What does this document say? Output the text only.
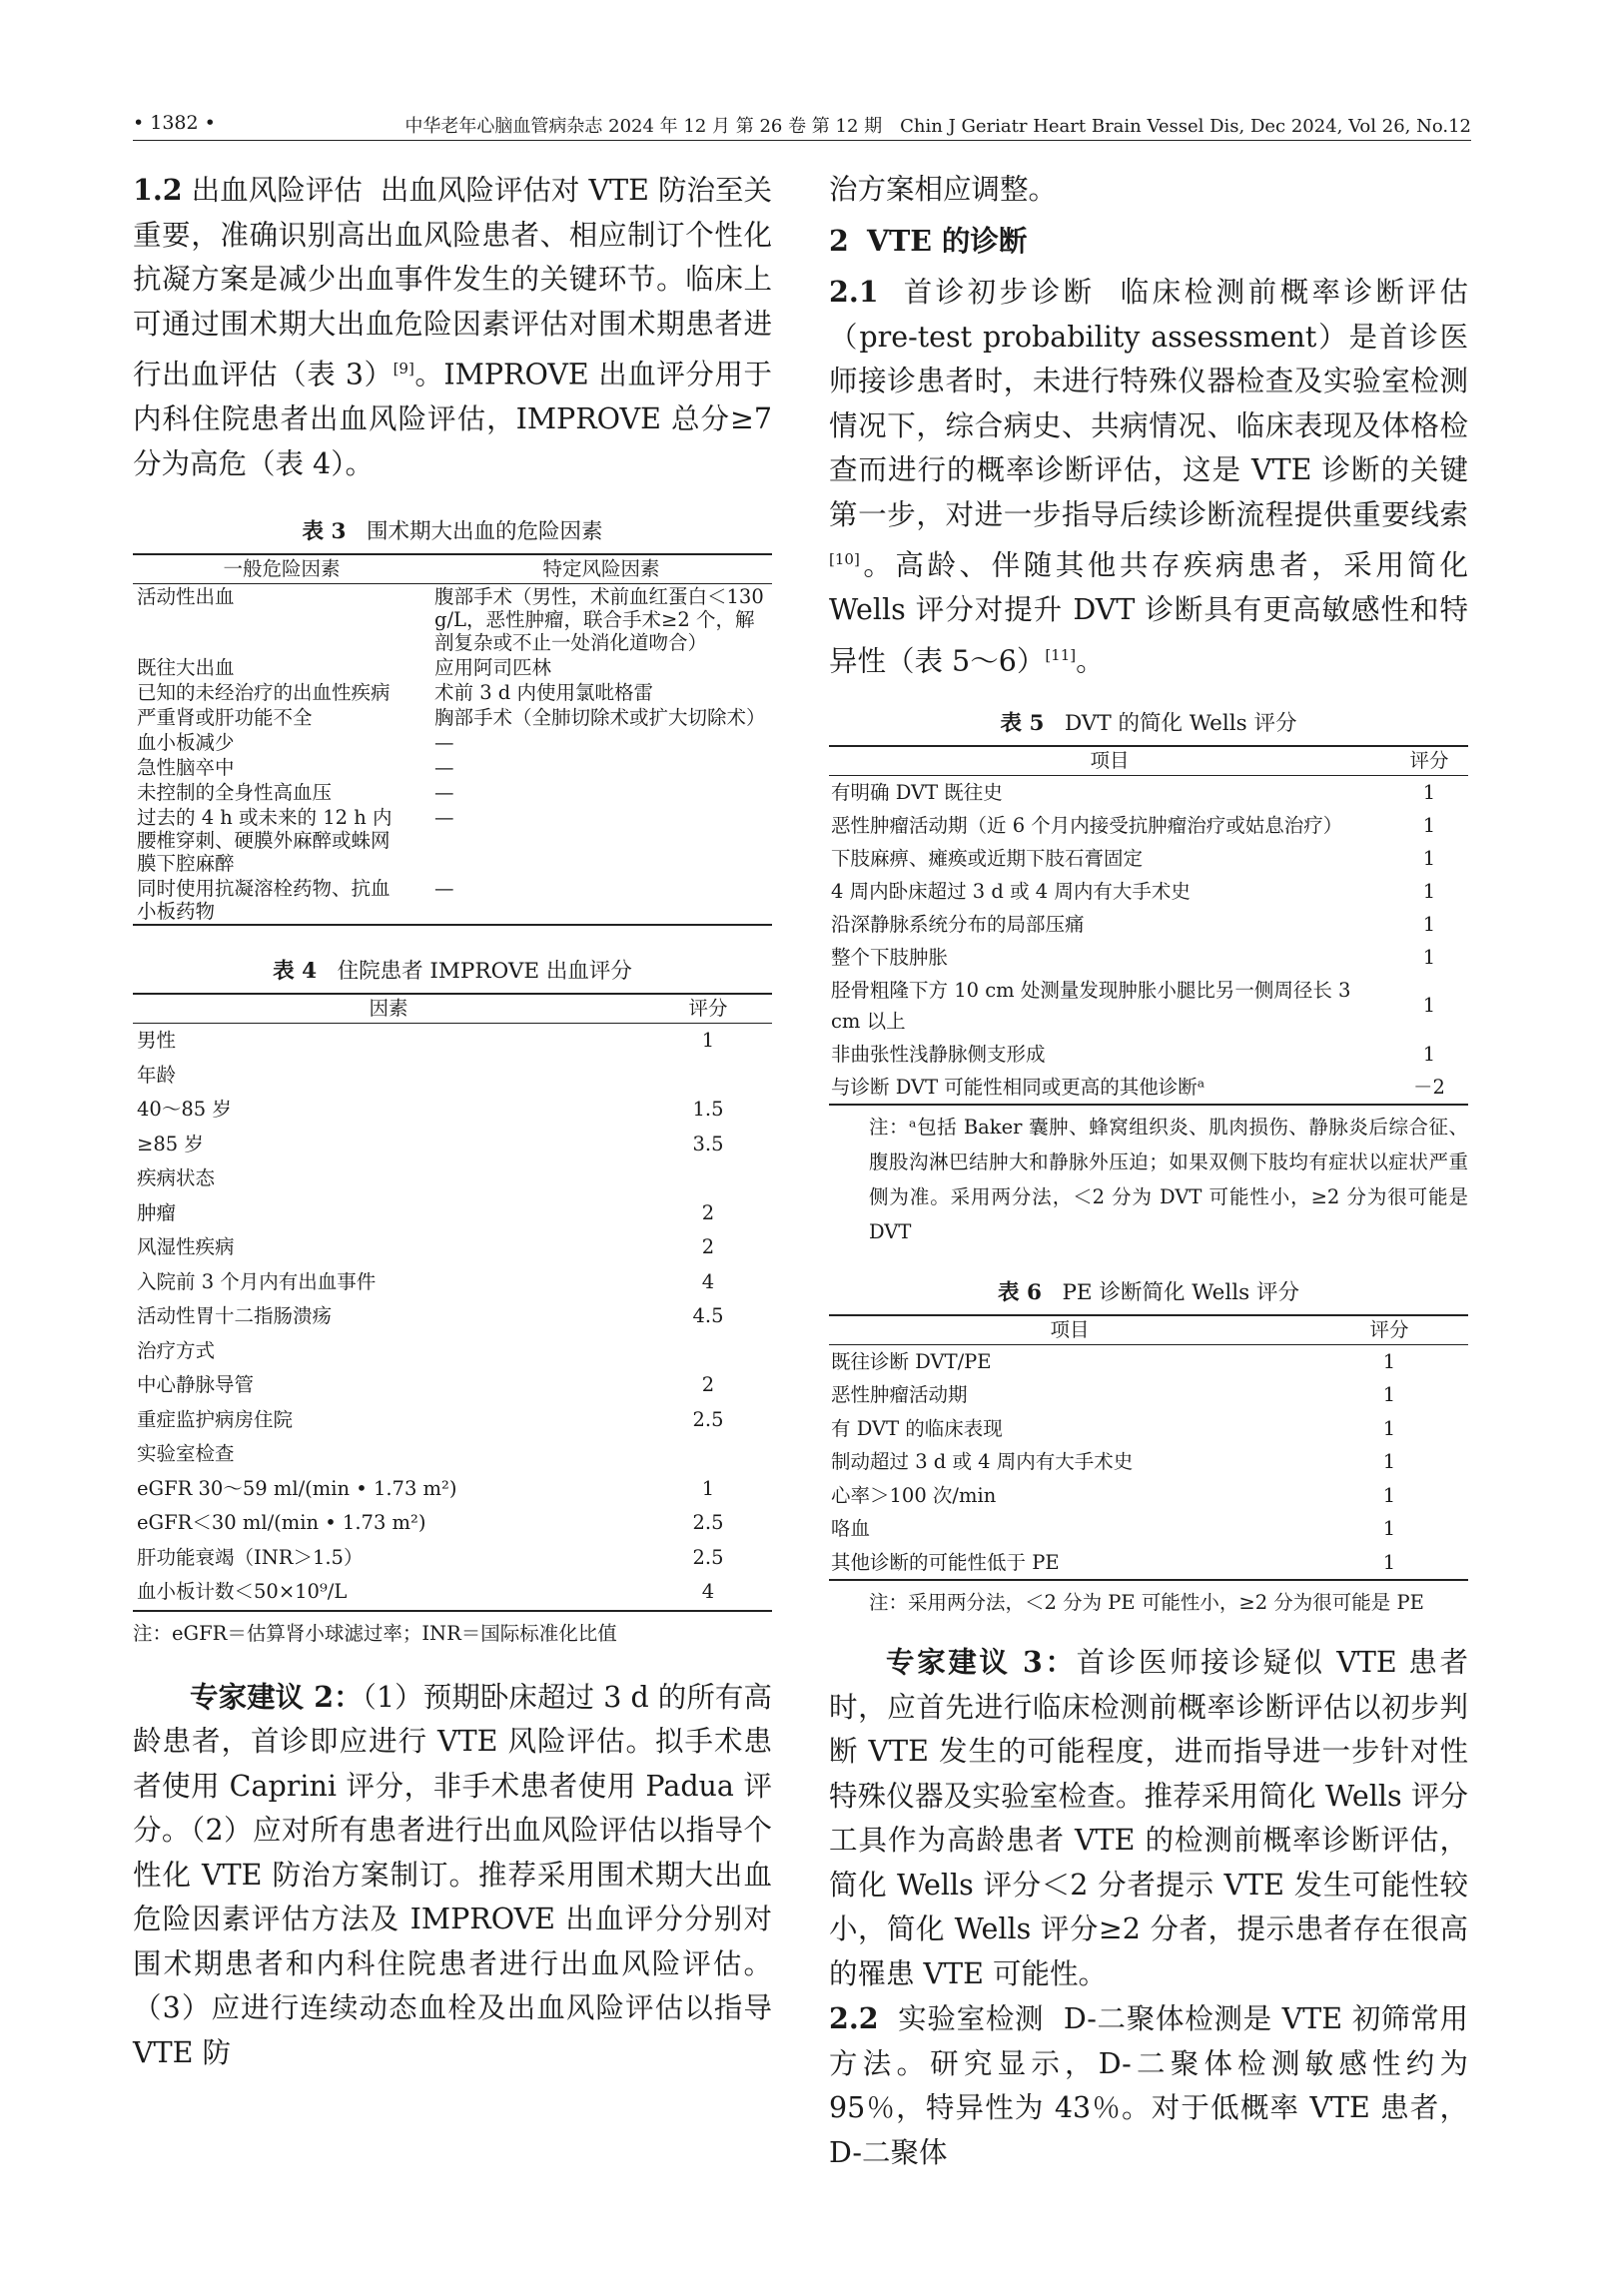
• 1382 •	中华老年心脑血管病杂志 2024 年 12 月 第 26 卷 第 12 期　Chin J Geriatr Heart Brain Vessel Dis, Dec 2024, Vol 26, No.12

1.2 出血风险评估 出血风险评估对 VTE 防治至关重要，准确识别高出血风险患者、相应制订个性化抗凝方案是减少出血事件发生的关键环节。临床上可通过围术期大出血危险因素评估对围术期患者进行出血评估（表 3）[9]。IMPROVE 出血评分用于内科住院患者出血风险评估，IMPROVE 总分≥7 分为高危（表 4）。

表 3 围术期大出血的危险因素

一般危险因素	特定风险因素
活动性出血	腹部手术（男性，术前血红蛋白＜130 g/L，恶性肿瘤，联合手术≥2 个，解剖复杂或不止一处消化道吻合）
既往大出血	应用阿司匹林
已知的未经治疗的出血性疾病	术前 3 d 内使用氯吡格雷
严重肾或肝功能不全	胸部手术（全肺切除术或扩大切除术）
血小板减少	—
急性脑卒中	—
未控制的全身性高血压	—
过去的 4 h 或未来的 12 h 内腰椎穿刺、硬膜外麻醉或蛛网膜下腔麻醉	—
同时使用抗凝溶栓药物、抗血小板药物	—

表 4 住院患者 IMPROVE 出血评分

因素	评分
男性	1
年龄	
40～85 岁	1.5
≥85 岁	3.5
疾病状态	
肿瘤	2
风湿性疾病	2
入院前 3 个月内有出血事件	4
活动性胃十二指肠溃疡	4.5
治疗方式	
中心静脉导管	2
重症监护病房住院	2.5
实验室检查	
eGFR 30～59 ml/(min • 1.73 m²)	1
eGFR＜30 ml/(min • 1.73 m²)	2.5
肝功能衰竭（INR＞1.5）	2.5
血小板计数＜50×10⁹/L	4

注：eGFR＝估算肾小球滤过率；INR＝国际标准化比值

专家建议 2：（1）预期卧床超过 3 d 的所有高龄患者，首诊即应进行 VTE 风险评估。拟手术患者使用 Caprini 评分，非手术患者使用 Padua 评分。（2）应对所有患者进行出血风险评估以指导个性化 VTE 防治方案制订。推荐采用围术期大出血危险因素评估方法及 IMPROVE 出血评分分别对围术期患者和内科住院患者进行出血风险评估。（3）应进行连续动态血栓及出血风险评估以指导 VTE 防

治方案相应调整。

2 VTE 的诊断

2.1 首诊初步诊断 临床检测前概率诊断评估（pre-test probability assessment）是首诊医师接诊患者时，未进行特殊仪器检查及实验室检测情况下，综合病史、共病情况、临床表现及体格检查而进行的概率诊断评估，这是 VTE 诊断的关键第一步，对进一步指导后续诊断流程提供重要线索[10]。高龄、伴随其他共存疾病患者，采用简化 Wells 评分对提升 DVT 诊断具有更高敏感性和特异性（表 5～6）[11]。

表 5 DVT 的简化 Wells 评分

项目	评分
有明确 DVT 既往史	1
恶性肿瘤活动期（近 6 个月内接受抗肿瘤治疗或姑息治疗）	1
下肢麻痹、瘫痪或近期下肢石膏固定	1
4 周内卧床超过 3 d 或 4 周内有大手术史	1
沿深静脉系统分布的局部压痛	1
整个下肢肿胀	1
胫骨粗隆下方 10 cm 处测量发现肿胀小腿比另一侧周径长 3 cm 以上	1
非曲张性浅静脉侧支形成	1
与诊断 DVT 可能性相同或更高的其他诊断ᵃ	－2

注：ᵃ包括 Baker 囊肿、蜂窝组织炎、肌肉损伤、静脉炎后综合征、腹股沟淋巴结肿大和静脉外压迫；如果双侧下肢均有症状以症状严重侧为准。采用两分法，＜2 分为 DVT 可能性小，≥2 分为很可能是 DVT

表 6 PE 诊断简化 Wells 评分

项目	评分
既往诊断 DVT/PE	1
恶性肿瘤活动期	1
有 DVT 的临床表现	1
制动超过 3 d 或 4 周内有大手术史	1
心率＞100 次/min	1
咯血	1
其他诊断的可能性低于 PE	1

注：采用两分法，＜2 分为 PE 可能性小，≥2 分为很可能是 PE

专家建议 3：首诊医师接诊疑似 VTE 患者时，应首先进行临床检测前概率诊断评估以初步判断 VTE 发生的可能程度，进而指导进一步针对性特殊仪器及实验室检查。推荐采用简化 Wells 评分工具作为高龄患者 VTE 的检测前概率诊断评估，简化 Wells 评分＜2 分者提示 VTE 发生可能性较小，简化 Wells 评分≥2 分者，提示患者存在很高的罹患 VTE 可能性。

2.2 实验室检测 D-二聚体检测是 VTE 初筛常用方法。研究显示，D-二聚体检测敏感性约为 95％，特异性为 43％。对于低概率 VTE 患者，D-二聚体
